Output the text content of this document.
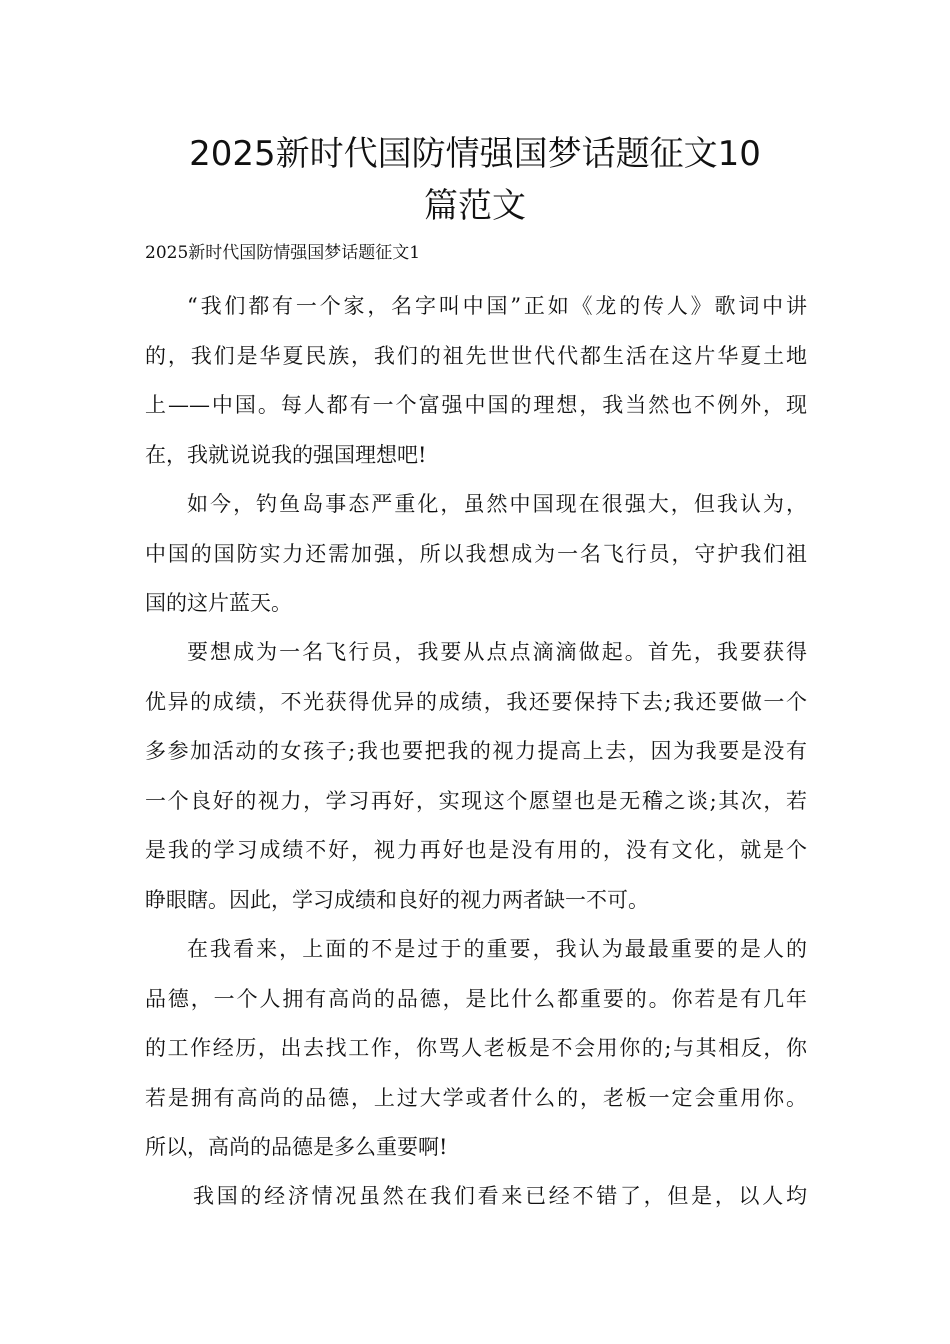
2025新时代国防情强国梦话题征文10
篇范文

2025新时代国防情强国梦话题征文1

“我们都有一个家，名字叫中国”正如《龙的传人》歌词中讲
的，我们是华夏民族，我们的祖先世世代代都生活在这片华夏土地
上——中国。每人都有一个富强中国的理想，我当然也不例外，现
在，我就说说我的强国理想吧!

如今，钓鱼岛事态严重化，虽然中国现在很强大，但我认为，
中国的国防实力还需加强，所以我想成为一名飞行员，守护我们祖
国的这片蓝天。

要想成为一名飞行员，我要从点点滴滴做起。首先，我要获得
优异的成绩，不光获得优异的成绩，我还要保持下去;我还要做一个
多参加活动的女孩子;我也要把我的视力提高上去，因为我要是没有
一个良好的视力，学习再好，实现这个愿望也是无稽之谈;其次，若
是我的学习成绩不好，视力再好也是没有用的，没有文化，就是个
睁眼瞎。因此，学习成绩和良好的视力两者缺一不可。

在我看来，上面的不是过于的重要，我认为最最重要的是人的
品德，一个人拥有高尚的品德，是比什么都重要的。你若是有几年
的工作经历，出去找工作，你骂人老板是不会用你的;与其相反，你
若是拥有高尚的品德，上过大学或者什么的，老板一定会重用你。
所以，高尚的品德是多么重要啊!

我国的经济情况虽然在我们看来已经不错了，但是，以人均
